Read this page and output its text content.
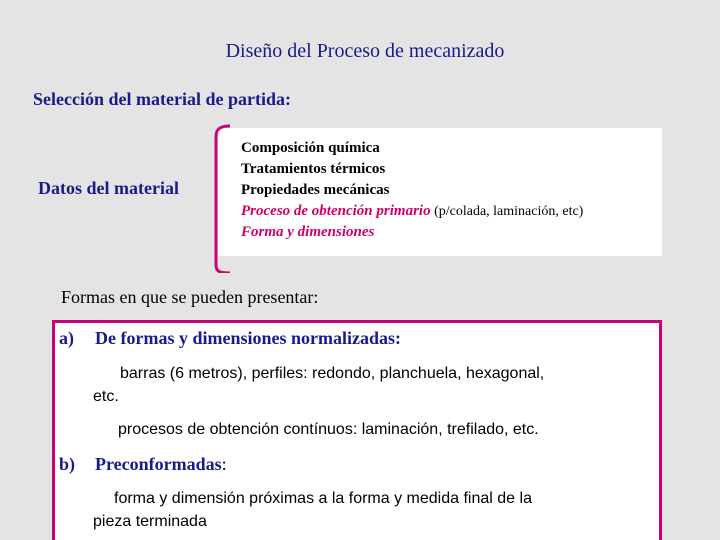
Diseño del Proceso de mecanizado
Selección del material de partida:
Datos del material
Composición química
Tratamientos térmicos
Propiedades mecánicas
Proceso de obtención primario (p/colada, laminación, etc)
Forma y dimensiones
Formas en que se pueden presentar:
a) De formas y dimensiones normalizadas:
barras (6 metros), perfiles: redondo, planchuela, hexagonal,
etc.
procesos de obtención contínuos: laminación, trefilado, etc.
b) Preconformadas:
forma y dimensión próximas a la forma y medida final de la
pieza terminada
